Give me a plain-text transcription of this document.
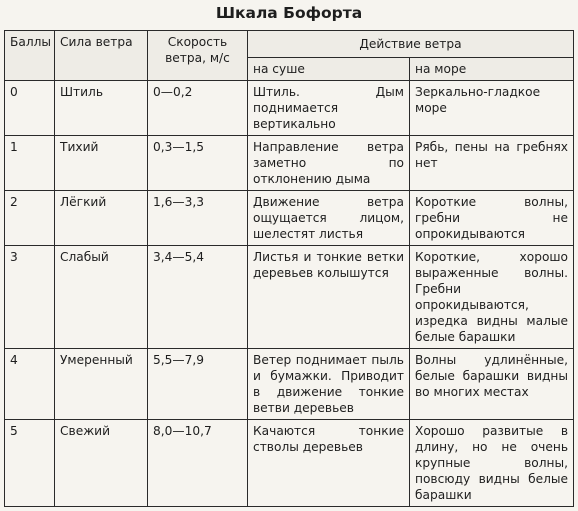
Шкала Бофорта
Баллы	Сила ветра	Скорость ветра, м/с	Действие ветра	
			на суше	на море
0	Штиль	0—0,2	Штиль. Дым поднимается вертикально	Зеркально-гладкое море
1	Тихий	0,3—1,5	Направление ветра заметно по отклонению дыма	Рябь, пены на гребнях нет
2	Лёгкий	1,6—3,3	Движение ветра ощущается лицом, шелестят листья	Короткие волны, гребни не опрокидываются
3	Слабый	3,4—5,4	Листья и тонкие ветки деревьев колышутся	Короткие, хорошо выраженные волны. Гребни опрокидываются, изредка видны малые белые барашки
4	Умеренный	5,5—7,9	Ветер поднимает пыль и бумажки. Приводит в движение тонкие ветви деревьев	Волны удлинённые, белые барашки видны во многих местах
5	Свежий	8,0—10,7	Качаются тонкие стволы деревьев	Хорошо развитые в длину, но не очень крупные волны, повсюду видны белые барашки
